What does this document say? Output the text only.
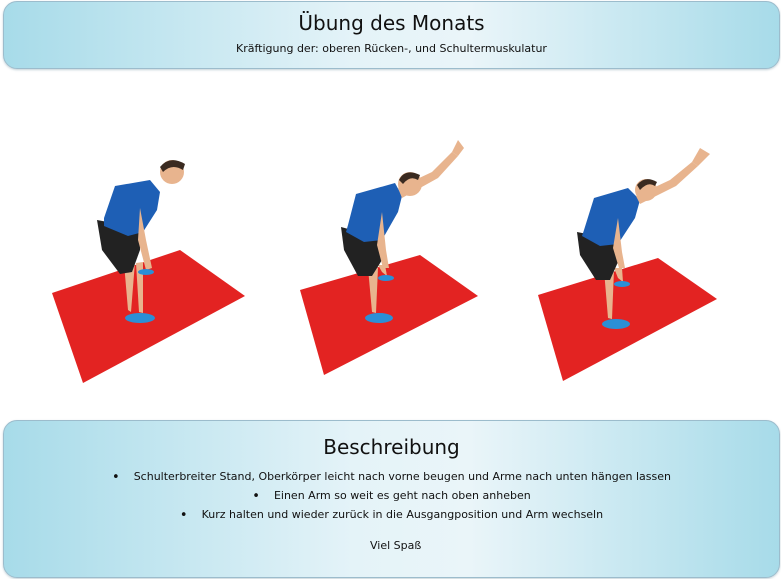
Übung des Monats
Kräftigung der: oberen Rücken-, und Schultermuskulatur
Beschreibung
• Schulterbreiter Stand, Oberkörper leicht nach vorne beugen und Arme nach unten hängen lassen
• Einen Arm so weit es geht nach oben anheben
• Kurz halten und wieder zurück in die Ausgangposition und Arm wechseln
Viel Spaß
